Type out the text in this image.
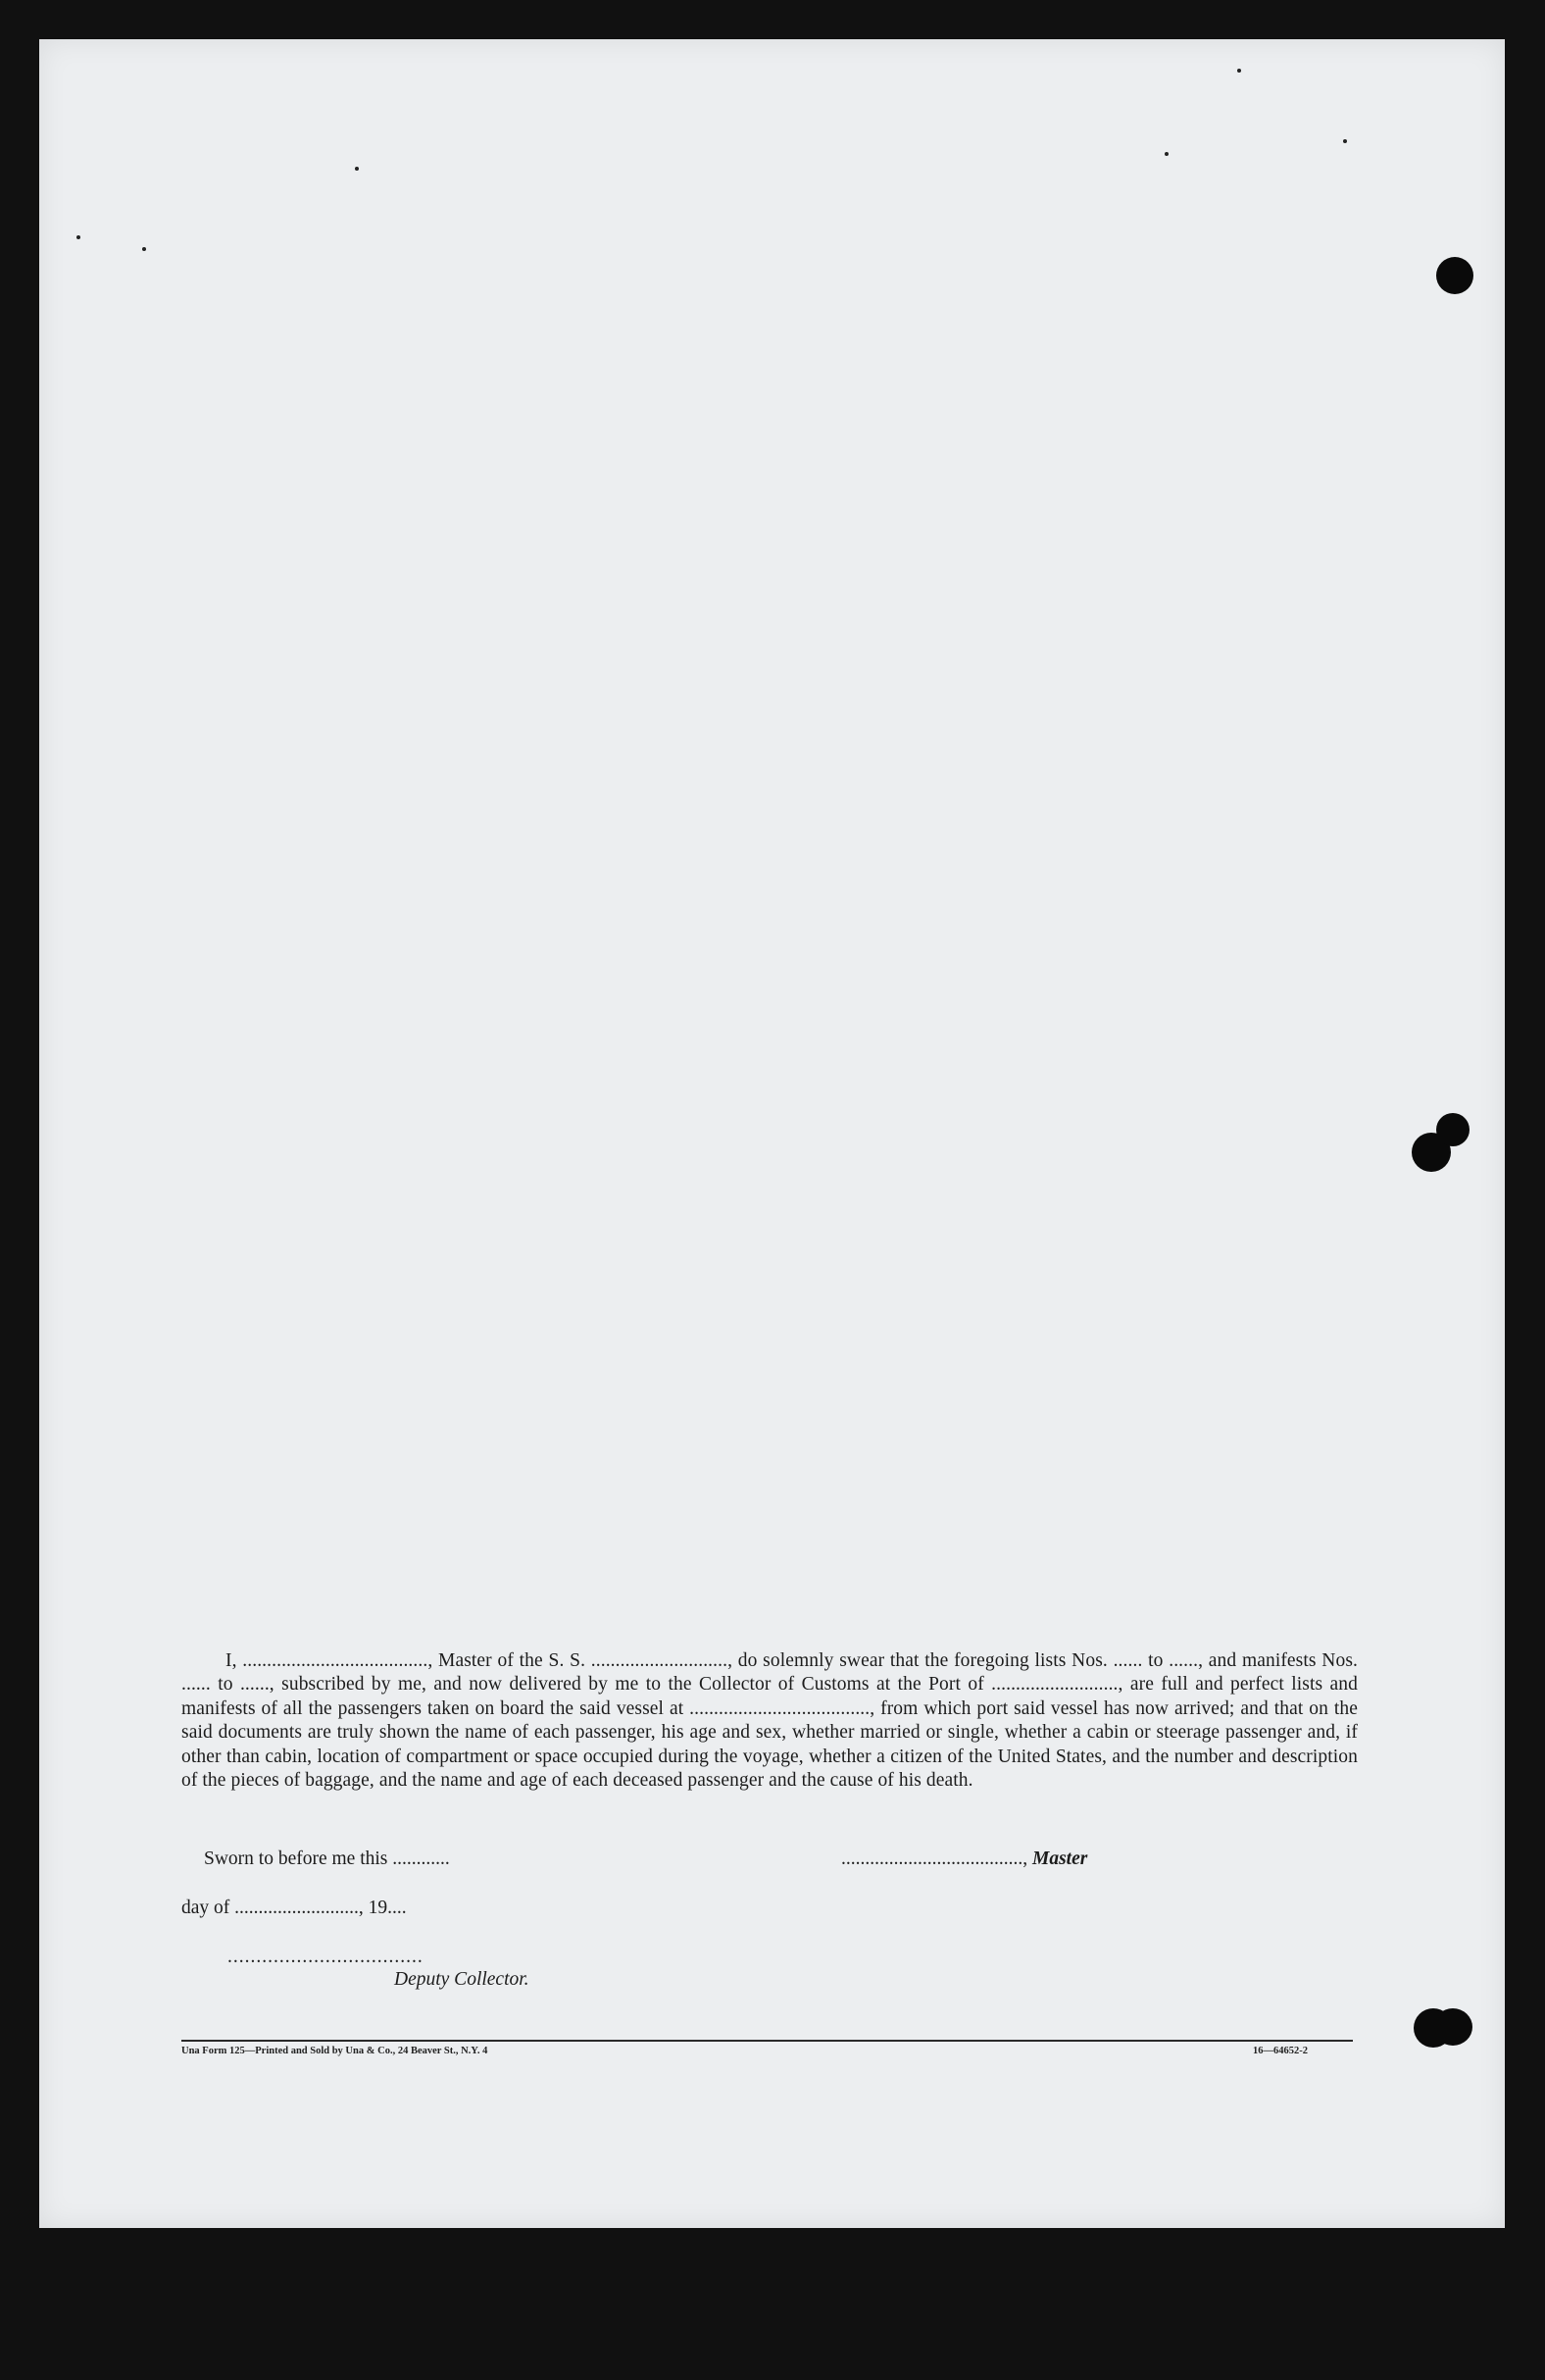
I, ......................................, Master of the S. S. ............................, do solemnly swear that the foregoing lists Nos. ...... to ......, and manifests Nos. ...... to ......, subscribed by me, and now delivered by me to the Collector of Customs at the Port of .........................., are full and perfect lists and manifests of all the passengers taken on board the said vessel at ....................................., from which port said vessel has now arrived; and that on the said documents are truly shown the name of each passenger, his age and sex, whether married or single, whether a cabin or steerage passenger and, if other than cabin, location of compartment or space occupied during the voyage, whether a citizen of the United States, and the number and description of the pieces of baggage, and the name and age of each deceased passenger and the cause of his death.

Sworn to before me this ............	......................................, Master
day of .........................., 19....
..................................
Deputy Collector.
Una Form 125—Printed and Sold by Una & Co., 24 Beaver St., N.Y. 4	16—64652-2
